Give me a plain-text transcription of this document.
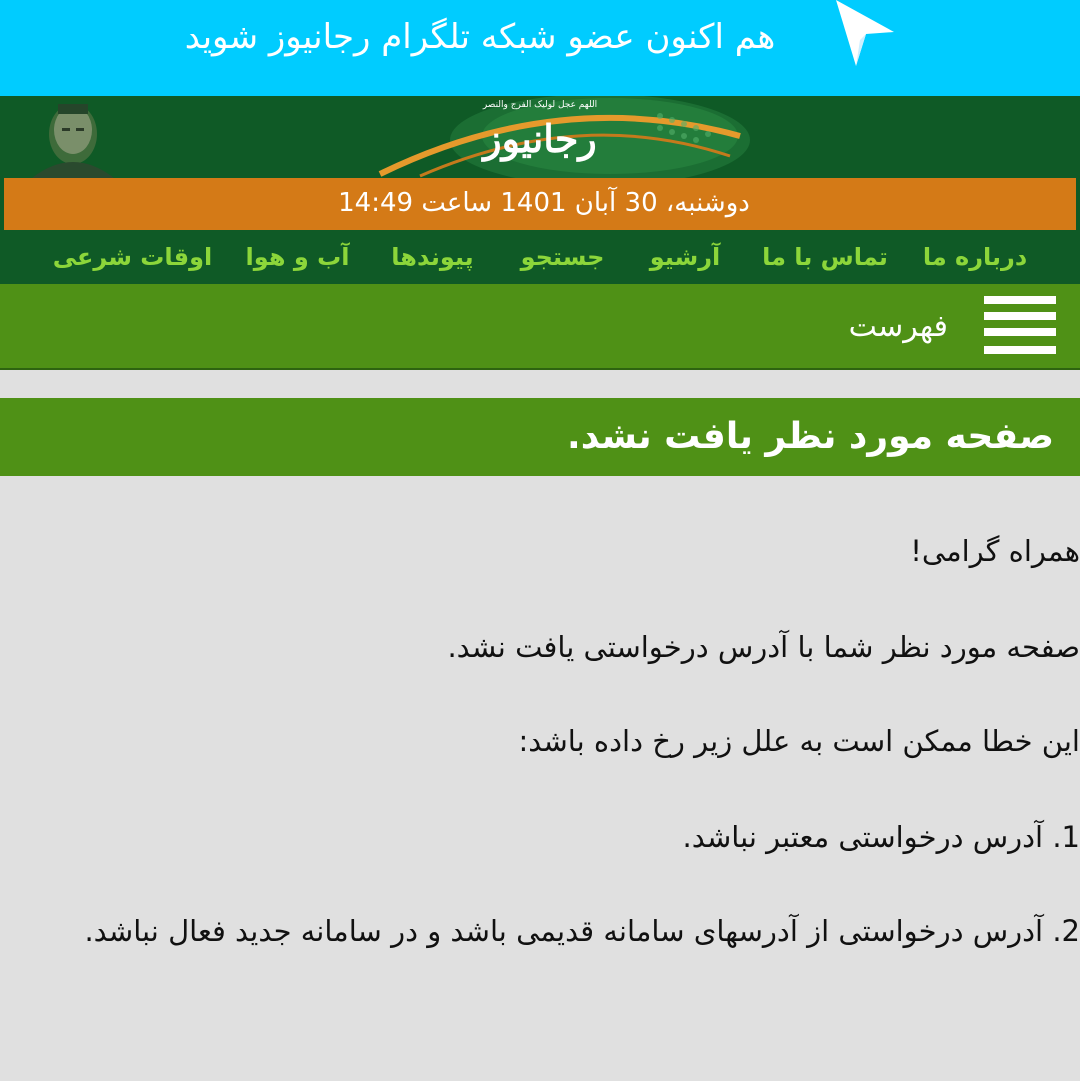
هم اکنون عضو شبکه تلگرام رجانیوز شوید
اللهم عجل لولیک الفرج والنصر
رجانیوز
دوشنبه، 30 آبان 1401 ساعت 14:49
درباره ما
تماس با ما
آرشیو
جستجو
پیوندها
آب و هوا
اوقات شرعی
فهرست
صفحه مورد نظر یافت نشد.
همراه گرامی!
صفحه مورد نظر شما با آدرس درخواستی یافت نشد.
این خطا ممکن است به علل زیر رخ داده باشد:
1. آدرس درخواستی معتبر نباشد.
2. آدرس درخواستی از آدرسهای سامانه قدیمی باشد و در سامانه جدید فعال نباشد.
